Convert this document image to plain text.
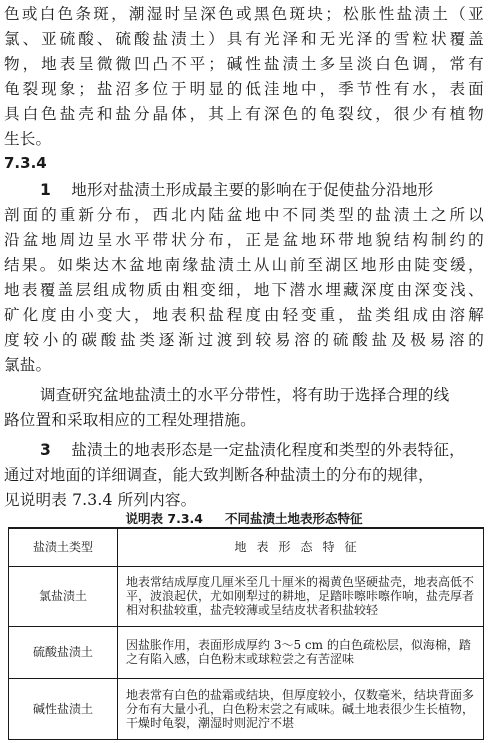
色 或 白 色 条 斑 ， 潮 湿 时 呈 深 色 或 黑 色 斑 块 ； 松 胀 性 盐 渍 土 （ 亚
氯 、 亚 硫 酸 、 硫 酸 盐 渍 土 ） 具 有 光 泽 和 无 光 泽 的 雪 粒 状 覆 盖
物 ， 地 表 呈 微 微 凹 凸 不 平 ； 碱 性 盐 渍 土 多 呈 淡 白 色 调 ， 常 有
龟 裂 现 象 ； 盐 沼 多 位 于 明 显 的 低 洼 地 中 ， 季 节 性 有 水 ， 表 面
具 白 色 盐 壳 和 盐 分 晶 体 ， 其 上 有 深 色 的 龟 裂 纹 ， 很 少 有 植 物
生长。
7.3.4
1 地形对盐渍土形成最主要的影响在于促使盐分沿地形
剖 面 的 重 新 分 布 ， 西 北 内 陆 盆 地 中 不 同 类 型 的 盐 渍 土 之 所 以
沿 盆 地 周 边 呈 水 平 带 状 分 布 ， 正 是 盆 地 环 带 地 貌 结 构 制 约 的
结 果 。 如 柴 达 木 盆 地 南 缘 盐 渍 土 从 山 前 至 湖 区 地 形 由 陡 变 缓 ，
地 表 覆 盖 层 组 成 物 质 由 粗 变 细 ， 地 下 潜 水 埋 藏 深 度 由 深 变 浅 、
矿 化 度 由 小 变 大 ， 地 表 积 盐 程 度 由 轻 变 重 ， 盐 类 组 成 由 溶 解
度 较 小 的 碳 酸 盐 类 逐 渐 过 渡 到 较 易 溶 的 硫 酸 盐 及 极 易 溶 的
氯盐。
调查研究盆地盐渍土的水平分带性，将有助于选择合理的线
路位置和采取相应的工程处理措施。
3 盐渍土的地表形态是一定盐渍化程度和类型的外表特征，
通过对地面的详细调查，能大致判断各种盐渍土的分布的规律，
见说明表 7.3.4 所列内容。
说明表 7.3.4 不同盐渍土地表形态特征
盐渍土类型	地表形态特征
氯盐渍土	地表常结成厚度几厘米至几十厘米的褐黄色坚硬盐壳，地表高低不平，波浪起伏，尤如刚犁过的耕地，足踏咔嚓咔嚓作响，盐壳厚者相对积盐较重，盐壳较薄或呈结皮状者积盐较轻
硫酸盐渍土	因盐胀作用，表面形成厚约 3～5 cm 的白色疏松层，似海棉，踏之有陷入感，白色粉末或球粒尝之有苦涩味
碱性盐渍土	地表常有白色的盐霜或结块，但厚度较小，仅数毫米，结块背面多分布有大量小孔，白色粉末尝之有咸味。碱土地表很少生长植物，干燥时龟裂，潮湿时则泥泞不堪
